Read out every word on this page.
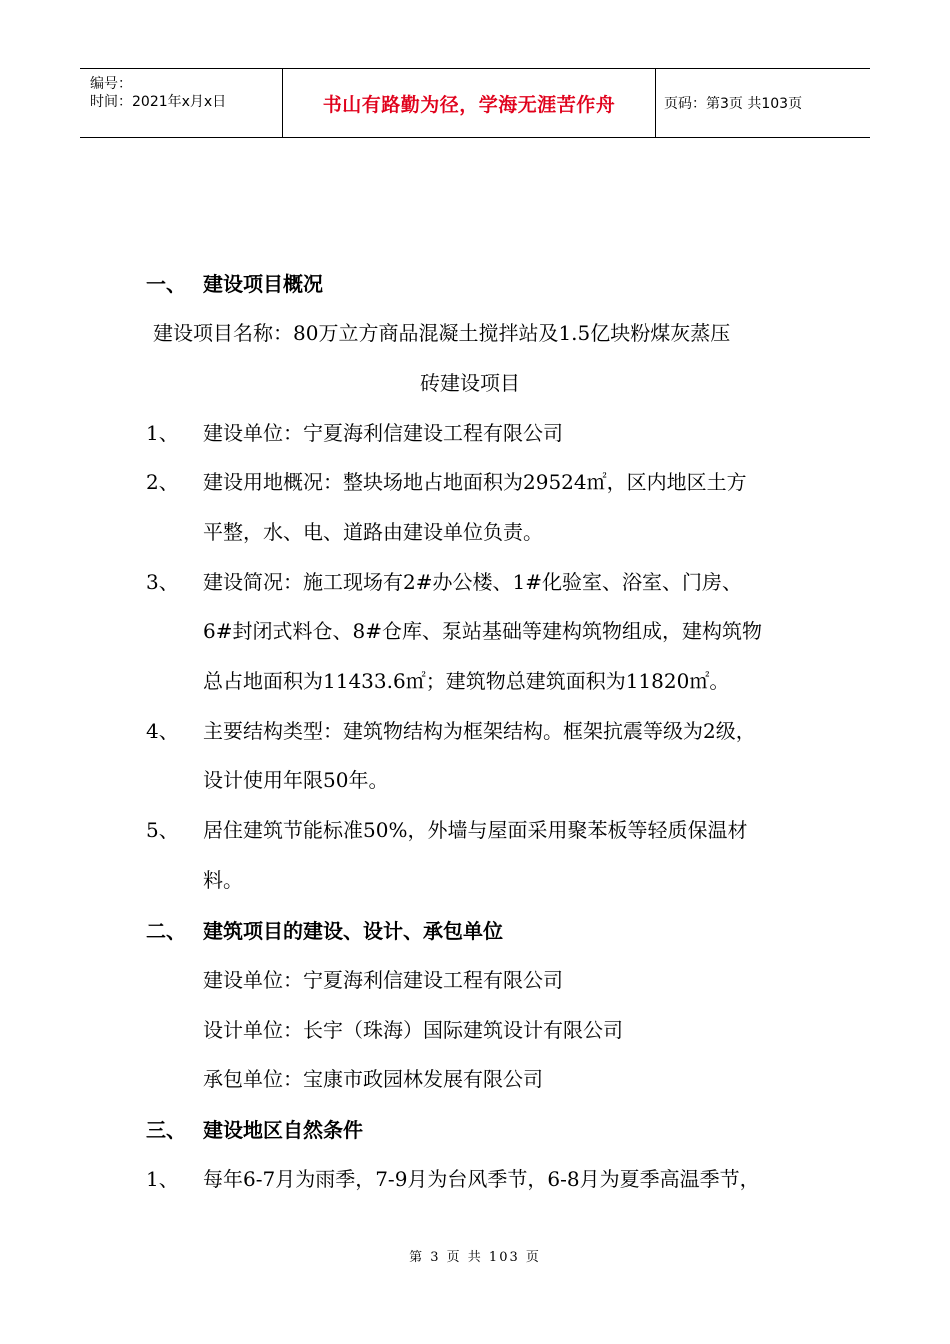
编号：
时间：2021年x月x日	书山有路勤为径，学海无涯苦作舟	页码：第3页 共103页
一、 建设项目概况
建设项目名称：80万立方商品混凝土搅拌站及1.5亿块粉煤灰蒸压
砖建设项目
1、 建设单位：宁夏海利信建设工程有限公司
2、 建设用地概况：整块场地占地面积为29524㎡，区内地区土方
平整，水、电、道路由建设单位负责。
3、 建设简况：施工现场有2#办公楼、1#化验室、浴室、门房、
6#封闭式料仓、8#仓库、泵站基础等建构筑物组成，建构筑物
总占地面积为11433.6㎡；建筑物总建筑面积为11820㎡。
4、 主要结构类型：建筑物结构为框架结构。框架抗震等级为2级，
设计使用年限50年。
5、 居住建筑节能标准50%，外墙与屋面采用聚苯板等轻质保温材
料。
二、 建筑项目的建设、设计、承包单位
建设单位：宁夏海利信建设工程有限公司
设计单位：长宇（珠海）国际建筑设计有限公司
承包单位：宝康市政园林发展有限公司
三、 建设地区自然条件
1、 每年6-7月为雨季，7-9月为台风季节，6-8月为夏季高温季节，
第 3 页 共 103 页
